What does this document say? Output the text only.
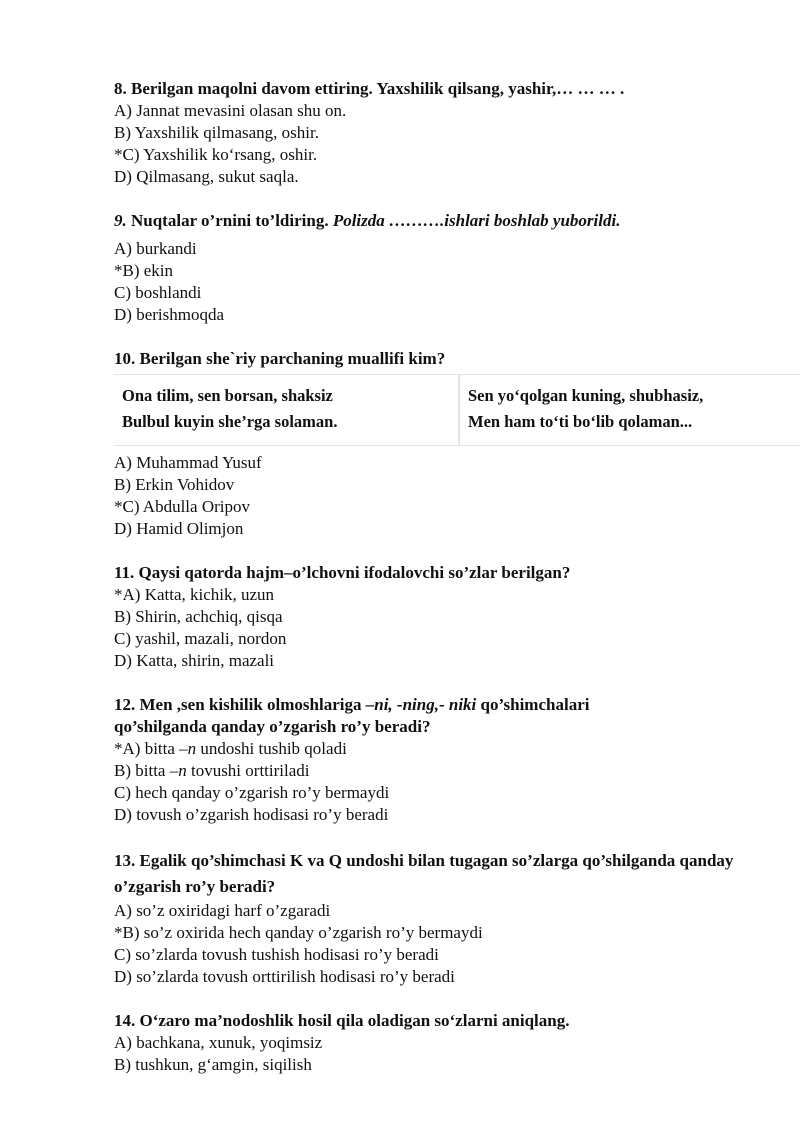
8. Berilgan maqolni davom ettiring. Yaxshilik qilsang, yashir,… … … .

A) Jannat mevasini olasan shu on.

B) Yaxshilik qilmasang, oshir.

*C) Yaxshilik ko‘rsang, oshir.

D) Qilmasang, sukut saqla.

9. Nuqtalar o’rnini to’ldiring. Polizda ……….ishlari boshlab yuborildi.

A) burkandi

*B) ekin

C) boshlandi

D) berishmoqda

10. Berilgan she`riy parchaning muallifi kim?

Ona tilim, sen borsan, shaksiz

Bulbul kuyin she’rga solaman.

Sen yo‘qolgan kuning, shubhasiz,

Men ham to‘ti bo‘lib qolaman...

A) Muhammad Yusuf

B) Erkin Vohidov

*C) Abdulla Oripov

D) Hamid Olimjon

11. Qaysi qatorda hajm–o’lchovni ifodalovchi so’zlar berilgan?

*A) Katta, kichik, uzun

B) Shirin, achchiq, qisqa

C) yashil, mazali, nordon

D) Katta, shirin, mazali

12. Men ,sen kishilik olmoshlariga –ni, -ning,- niki qo’shimchalari

qo’shilganda qanday o’zgarish ro’y beradi?

*A) bitta –n undoshi tushib qoladi

B) bitta –n tovushi orttiriladi

C) hech qanday o’zgarish ro’y bermaydi

D) tovush o’zgarish hodisasi ro’y beradi

13. Egalik qo’shimchasi K va Q undoshi bilan tugagan so’zlarga qo’shilganda qanday o’zgarish ro’y beradi?

A) so’z oxiridagi harf o’zgaradi

*B) so’z oxirida hech qanday o’zgarish ro’y bermaydi

C) so’zlarda tovush tushish hodisasi ro’y beradi

D) so’zlarda tovush orttirilish hodisasi ro’y beradi

14. O‘zaro ma’nodoshlik hosil qila oladigan so‘zlarni aniqlang.

A) bachkana, xunuk, yoqimsiz

B) tushkun, g‘amgin, siqilish
